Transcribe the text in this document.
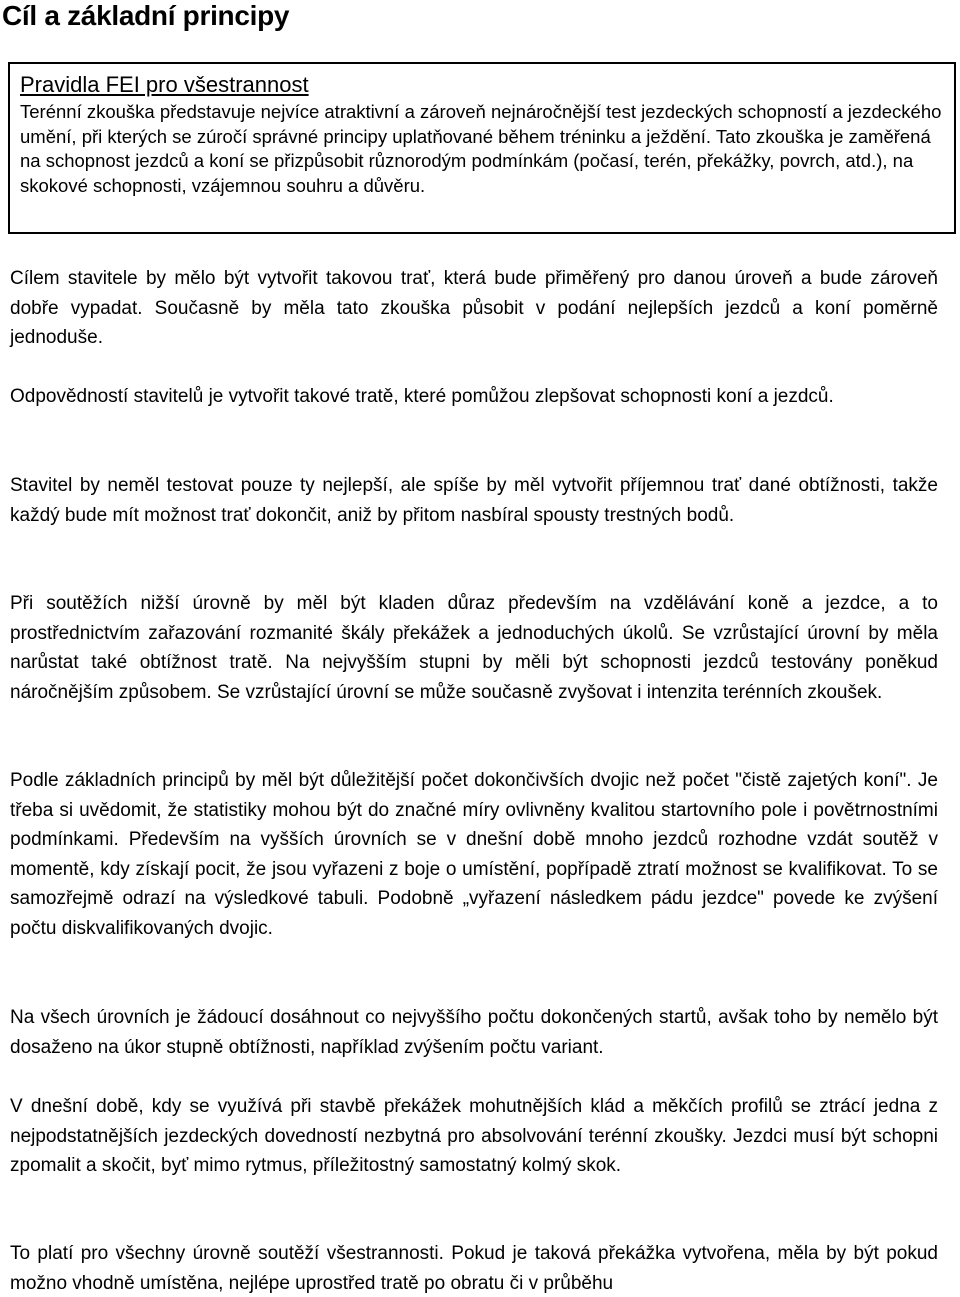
Cíl a základní principy
Pravidla FEI pro všestrannost

Terénní zkouška představuje nejvíce atraktivní a zároveň nejnáročnější test jezdeckých schopností a jezdeckého umění, při kterých se zúročí správné principy uplatňované během tréninku a ježdění. Tato zkouška je zaměřená na schopnost jezdců a koní se přizpůsobit různorodým podmínkám (počasí, terén, překážky, povrch, atd.), na skokové schopnosti, vzájemnou souhru a důvěru.

Cílem stavitele by mělo být vytvořit takovou trať, která bude přiměřený pro danou úroveň a bude zároveň dobře vypadat. Současně by měla tato zkouška působit v podání nejlepších jezdců a koní poměrně jednoduše.

Odpovědností stavitelů je vytvořit takové tratě, které pomůžou zlepšovat schopnosti koní a jezdců.

Stavitel by neměl testovat pouze ty nejlepší, ale spíše by měl vytvořit příjemnou trať dané obtížnosti, takže každý bude mít možnost trať dokončit, aniž by přitom nasbíral spousty trestných bodů.

Při soutěžích nižší úrovně by měl být kladen důraz především na vzdělávání koně a jezdce, a to prostřednictvím zařazování rozmanité škály překážek a jednoduchých úkolů. Se vzrůstající úrovní by měla narůstat také obtížnost tratě. Na nejvyšším stupni by měli být schopnosti jezdců testovány poněkud náročnějším způsobem. Se vzrůstající úrovní se může současně zvyšovat i intenzita terénních zkoušek.

Podle základních principů by měl být důležitější počet dokončivších dvojic než počet "čistě zajetých koní". Je třeba si uvědomit, že statistiky mohou být do značné míry ovlivněny kvalitou startovního pole i povětrnostními podmínkami. Především na vyšších úrovních se v dnešní době mnoho jezdců rozhodne vzdát soutěž v momentě, kdy získají pocit, že jsou vyřazeni z boje o umístění, popřípadě ztratí možnost se kvalifikovat. To se samozřejmě odrazí na výsledkové tabuli. Podobně „vyřazení následkem pádu jezdce" povede ke zvýšení počtu diskvalifikovaných dvojic.

Na všech úrovních je žádoucí dosáhnout co nejvyššího počtu dokončených startů, avšak toho by nemělo být dosaženo na úkor stupně obtížnosti, například zvýšením počtu variant.

V dnešní době, kdy se využívá při stavbě překážek mohutnějších klád a měkčích profilů se ztrácí jedna z nejpodstatnějších jezdeckých dovedností nezbytná pro absolvování terénní zkoušky. Jezdci musí být schopni zpomalit a skočit, byť mimo rytmus, příležitostný samostatný kolmý skok.

To platí pro všechny úrovně soutěží všestrannosti. Pokud je taková překážka vytvořena, měla by být pokud možno vhodně umístěna, nejlépe uprostřed tratě po obratu či v průběhu
